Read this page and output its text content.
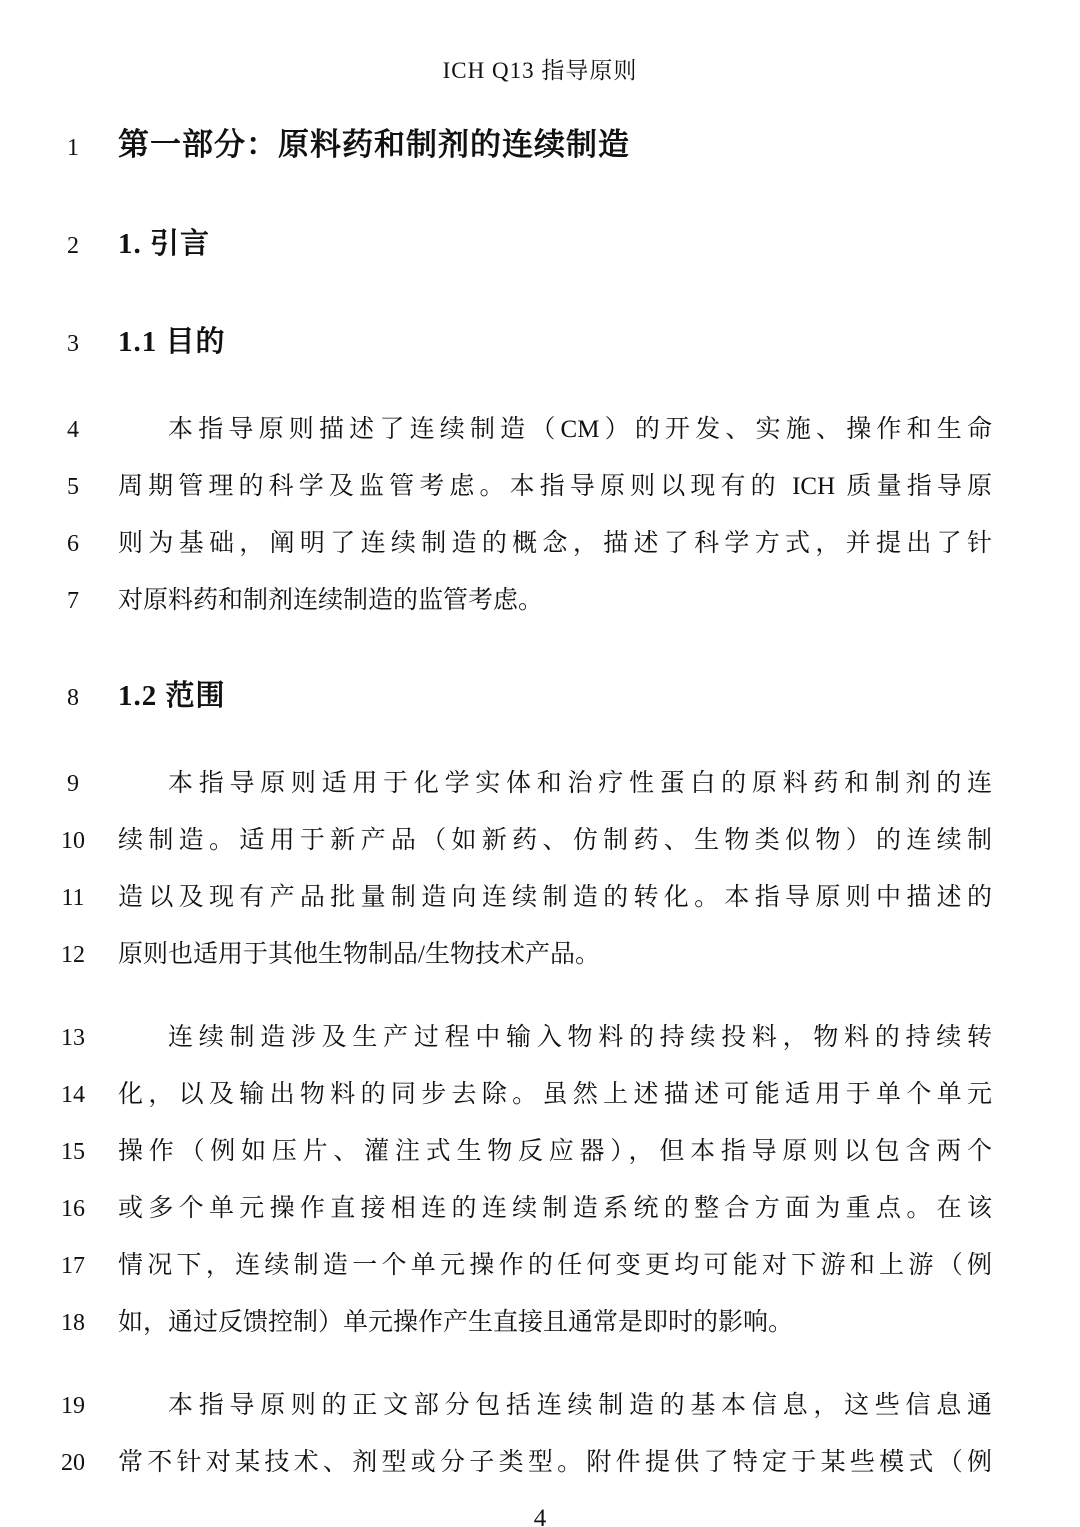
ICH Q13 指导原则
1	第一部分：原料药和制剂的连续制造
2	1. 引言
3	1.1 目的
4	本指导原则描述了连续制造（CM）的开发、实施、操作和生命
5	周期管理的科学及监管考虑。本指导原则以现有的 ICH 质量指导原
6	则为基础，阐明了连续制造的概念，描述了科学方式，并提出了针
7	对原料药和制剂连续制造的监管考虑。
8	1.2 范围
9	本指导原则适用于化学实体和治疗性蛋白的原料药和制剂的连
10	续制造。适用于新产品（如新药、仿制药、生物类似物）的连续制
11	造以及现有产品批量制造向连续制造的转化。本指导原则中描述的
12	原则也适用于其他生物制品/生物技术产品。
13	连续制造涉及生产过程中输入物料的持续投料，物料的持续转
14	化，以及输出物料的同步去除。虽然上述描述可能适用于单个单元
15	操作（例如压片、灌注式生物反应器），但本指导原则以包含两个
16	或多个单元操作直接相连的连续制造系统的整合方面为重点。在该
17	情况下，连续制造一个单元操作的任何变更均可能对下游和上游（例
18	如，通过反馈控制）单元操作产生直接且通常是即时的影响。
19	本指导原则的正文部分包括连续制造的基本信息，这些信息通
20	常不针对某技术、剂型或分子类型。附件提供了特定于某些模式（例
4
